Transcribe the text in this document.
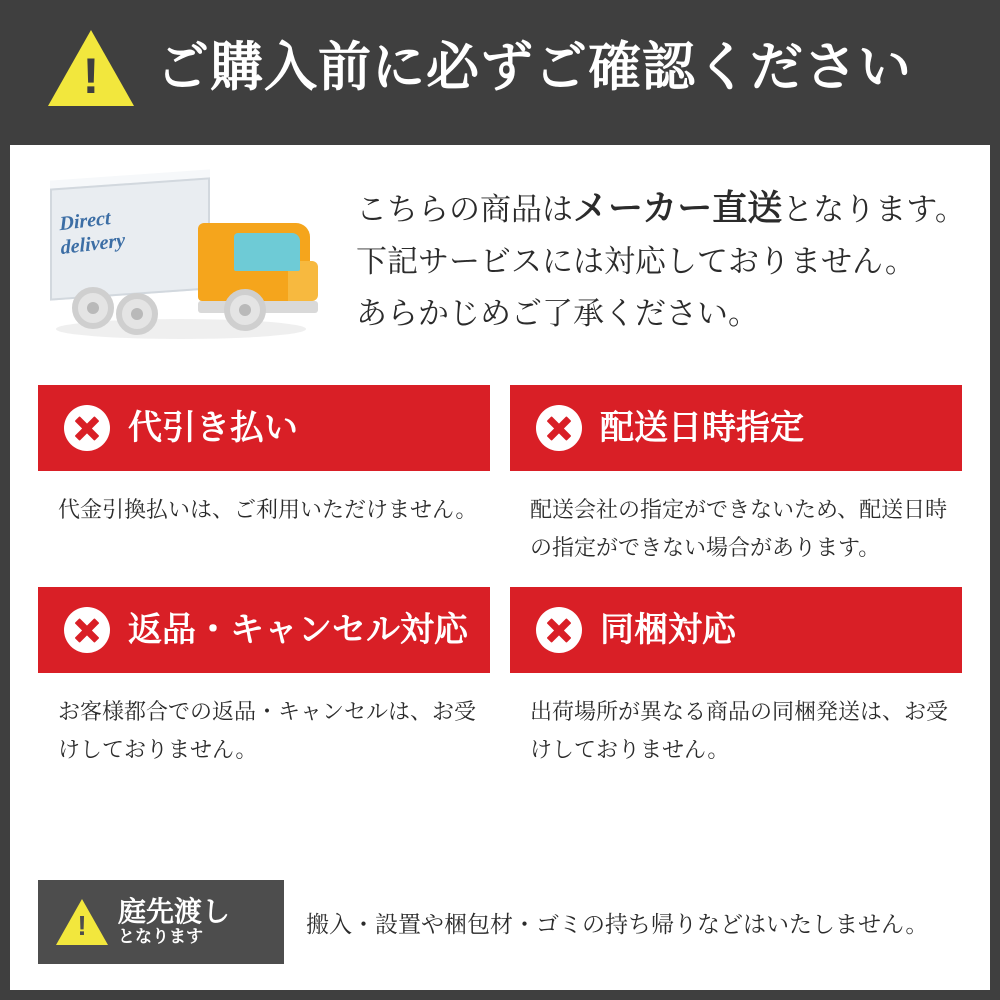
!	ご購入前に必ずご確認ください
Direct
delivery
こちらの商品はメーカー直送となります。
下記サービスには対応しておりません。
あらかじめご了承ください。
代引き払い
代金引換払いは、ご利用いただけません。
配送日時指定
配送会社の指定ができないため、配送日時の指定ができない場合があります。
返品・キャンセル対応
お客様都合での返品・キャンセルは、お受けしておりません。
同梱対応
出荷場所が異なる商品の同梱発送は、お受けしておりません。
!	庭先渡し
となります
搬入・設置や梱包材・ゴミの持ち帰りなどはいたしません。
